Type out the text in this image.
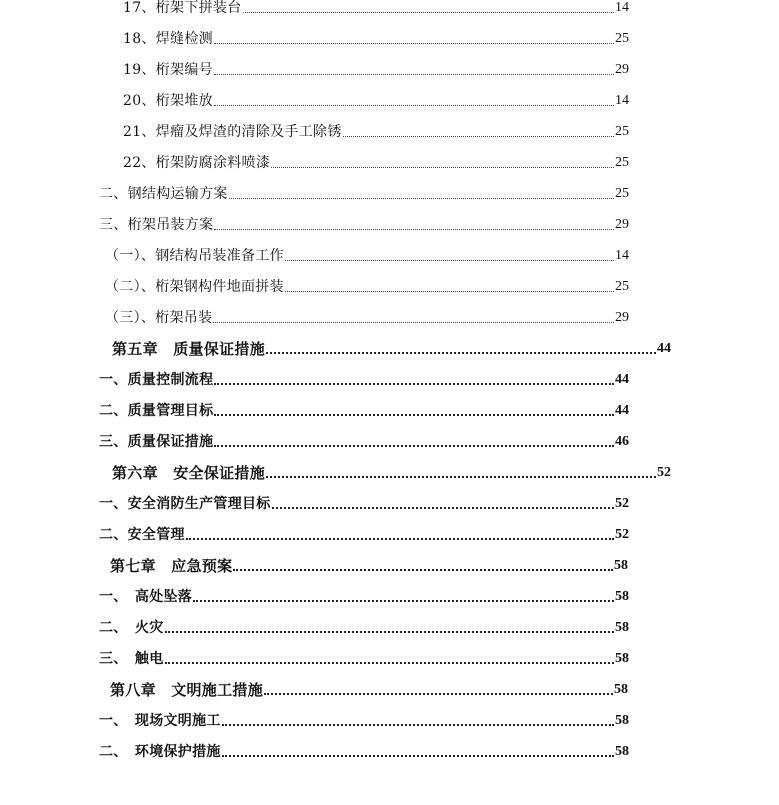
17、桁架下拼装台	14
18、焊缝检测	25
19、桁架编号	29
20、桁架堆放	14
21、焊瘤及焊渣的清除及手工除锈	25
22、桁架防腐涂料喷漆	25
二、钢结构运输方案	25
三、桁架吊装方案	29
（一）、钢结构吊装准备工作	14
（二）、桁架钢构件地面拼装	25
（三）、桁架吊装	29
第五章　质量保证措施	44
一、质量控制流程	44
二、质量管理目标	44
三、质量保证措施	46
第六章　安全保证措施	52
一、安全消防生产管理目标	52
二、安全管理	52
第七章　应急预案	58
一、　高处坠落	58
二、　火灾	58
三、　触电	58
第八章　文明施工措施	58
一、　现场文明施工	58
二、　环境保护措施	58
